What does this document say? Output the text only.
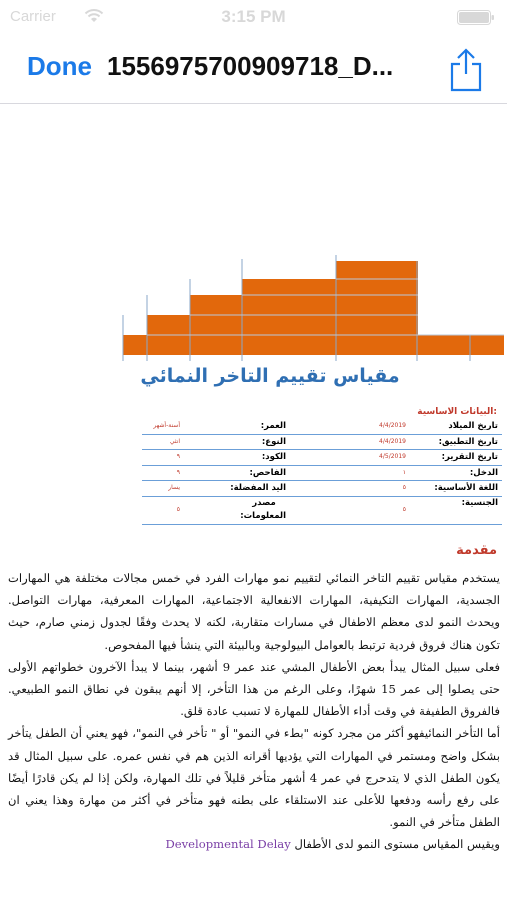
Carrier	3:15 PM
Done 1556975700909718_D...
مقياس تقييم التاخر النمائي
البيانات الاساسية:
تاريخ الميلاد
4/4/2019
العمر:
أسنة-أشهر
تاريخ التطبيق:
4/4/2019
النوع:
انثي
تاريخ التقرير:
4/5/2019
الكود:
٩
الدخل:
١
الفاحص:
٩
اللغة الأساسية:
٥
اليد المفضلة:
يسار
الجنسية:
٥
مصدر المعلومات:
٥
مقدمة

يستخدم مقياس تقييم التاخر النمائي لتقييم نمو مهارات الفرد في خمس مجالات مختلفة هي المهارات الجسدية، المهارات التكيفية، المهارات الانفعالية الاجتماعية، المهارات المعرفية، مهارات التواصل. ويحدث النمو لدى معظم الاطفال في مسارات متقاربة، لكنه لا يحدث وفقًا لجدول زمني صارم، حيث تكون هناك فروق فردية ترتبط بالعوامل البيولوجية وبالبيئة التي ينشأ فيها المفحوص.

فعلى سبيل المثال يبدأ بعض الأطفال المشي عند عمر 9 أشهر، بينما لا يبدأ الآخرون خطواتهم الأولى حتى يصلوا إلى عمر 15 شهرًا، وعلى الرغم من هذا التأخر، إلا أنهم يبقون في نطاق النمو الطبيعي. فالفروق الطفيفة في وقت أداء الأطفال للمهارة لا تسبب عادة قلق.

أما التأخر النمائيفهو أكثر من مجرد كونه "بطء في النمو" أو " تأخر في النمو"، فهو يعني أن الطفل يتأخر بشكل واضح ومستمر في المهارات التي يؤديها أقرانه الذين هم في نفس عمره. على سبيل المثال قد يكون الطفل الذي لا يتدحرج في عمر 4 أشهر متأخر قليلاً في تلك المهارة، ولكن إذا لم يكن قادرًا أيضًا على رفع رأسه ودفعها للأعلى عند الاستلقاء على بطنه فهو متأخر في أكثر من مهارة وهذا يعني ان الطفل متأخر في النمو.

ويقيس المقياس مستوى النمو لدى الأطفال Developmental Delay
